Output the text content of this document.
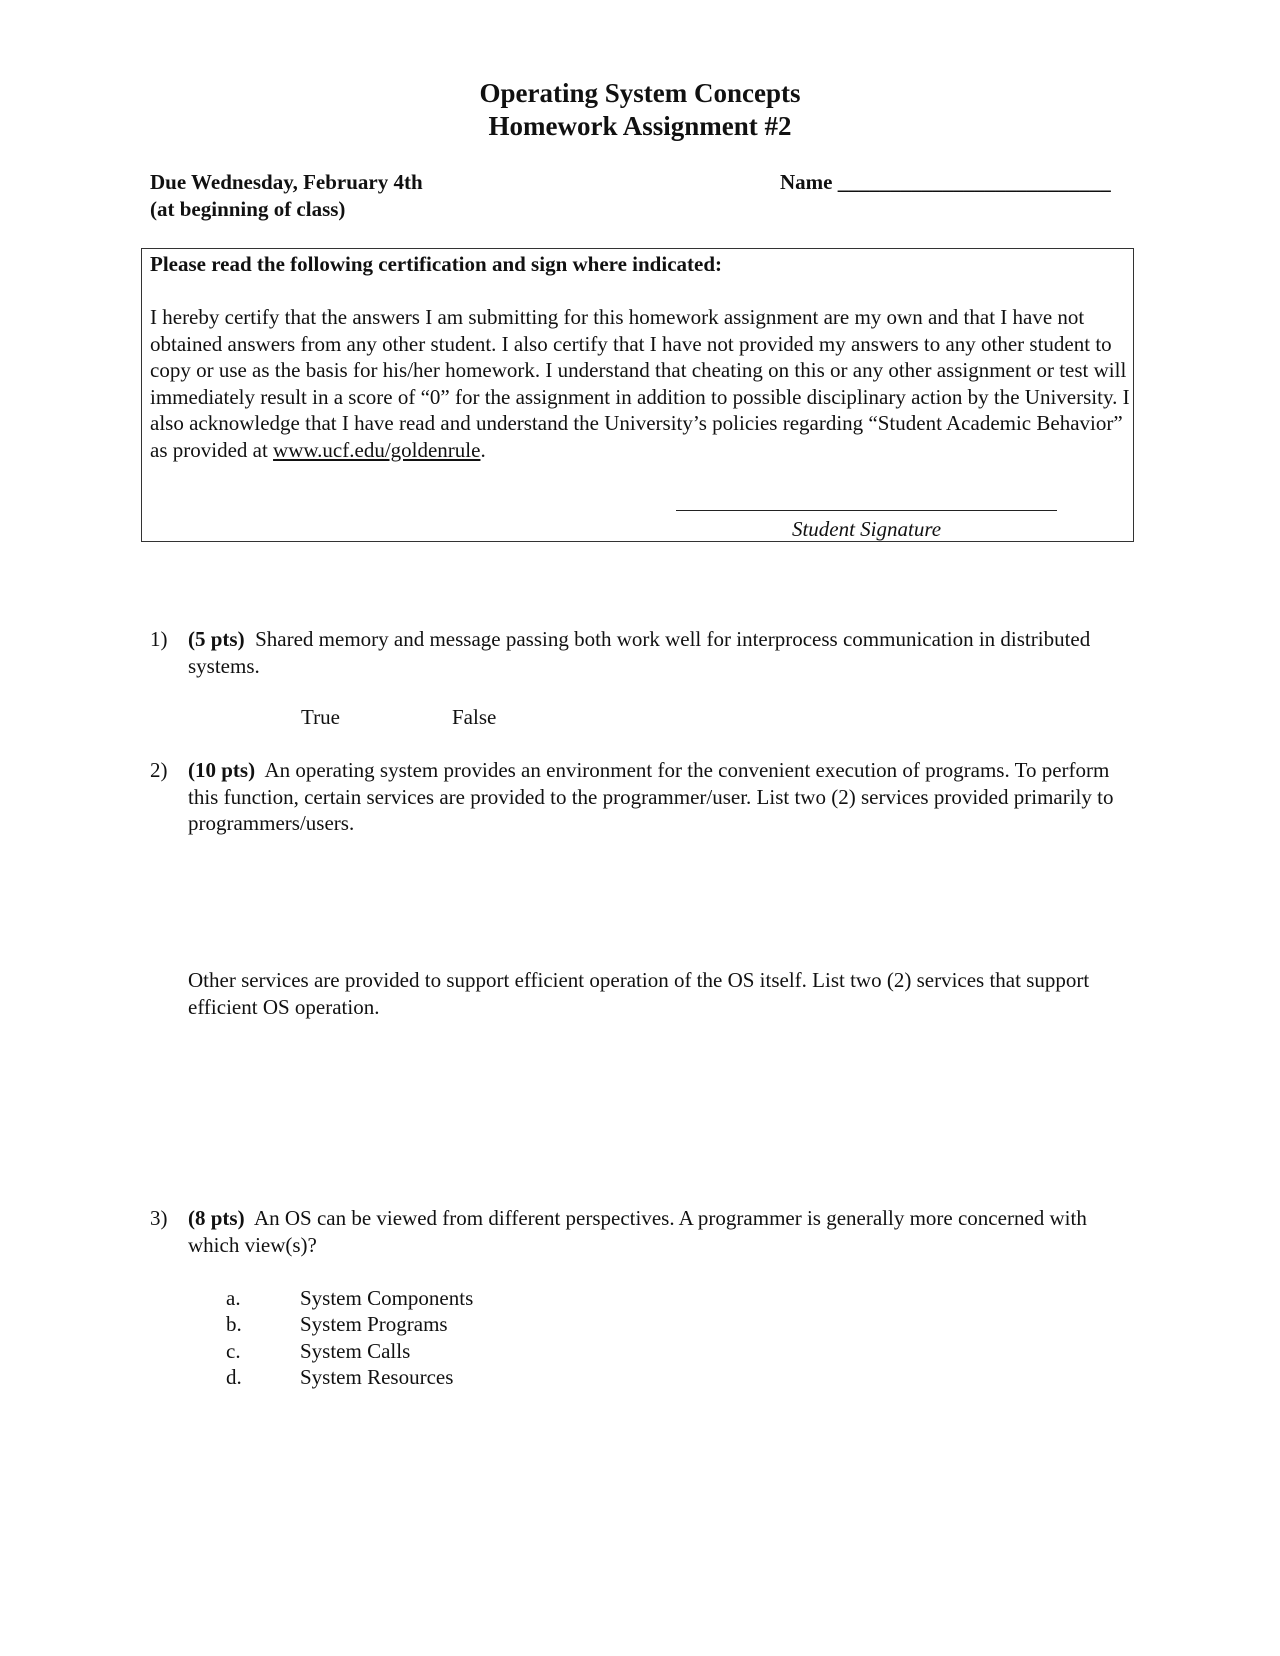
Operating System Concepts
Homework Assignment #2
Due Wednesday, February 4th
(at beginning of class)
Name __________________________
Please read the following certification and sign where indicated:
I hereby certify that the answers I am submitting for this homework assignment are my own and that I have not obtained answers from any other student. I also certify that I have not provided my answers to any other student to copy or use as the basis for his/her homework. I understand that cheating on this or any other assignment or test will immediately result in a score of “0” for the assignment in addition to possible disciplinary action by the University. I also acknowledge that I have read and understand the University’s policies regarding “Student Academic Behavior” as provided at www.ucf.edu/goldenrule.
Student Signature
1) (5 pts) Shared memory and message passing both work well for interprocess communication in distributed systems.
True	False
2) (10 pts) An operating system provides an environment for the convenient execution of programs. To perform this function, certain services are provided to the programmer/user. List two (2) services provided primarily to programmers/users.
Other services are provided to support efficient operation of the OS itself. List two (2) services that support efficient OS operation.
3) (8 pts) An OS can be viewed from different perspectives. A programmer is generally more concerned with which view(s)?
a.	System Components
b.	System Programs
c.	System Calls
d.	System Resources
